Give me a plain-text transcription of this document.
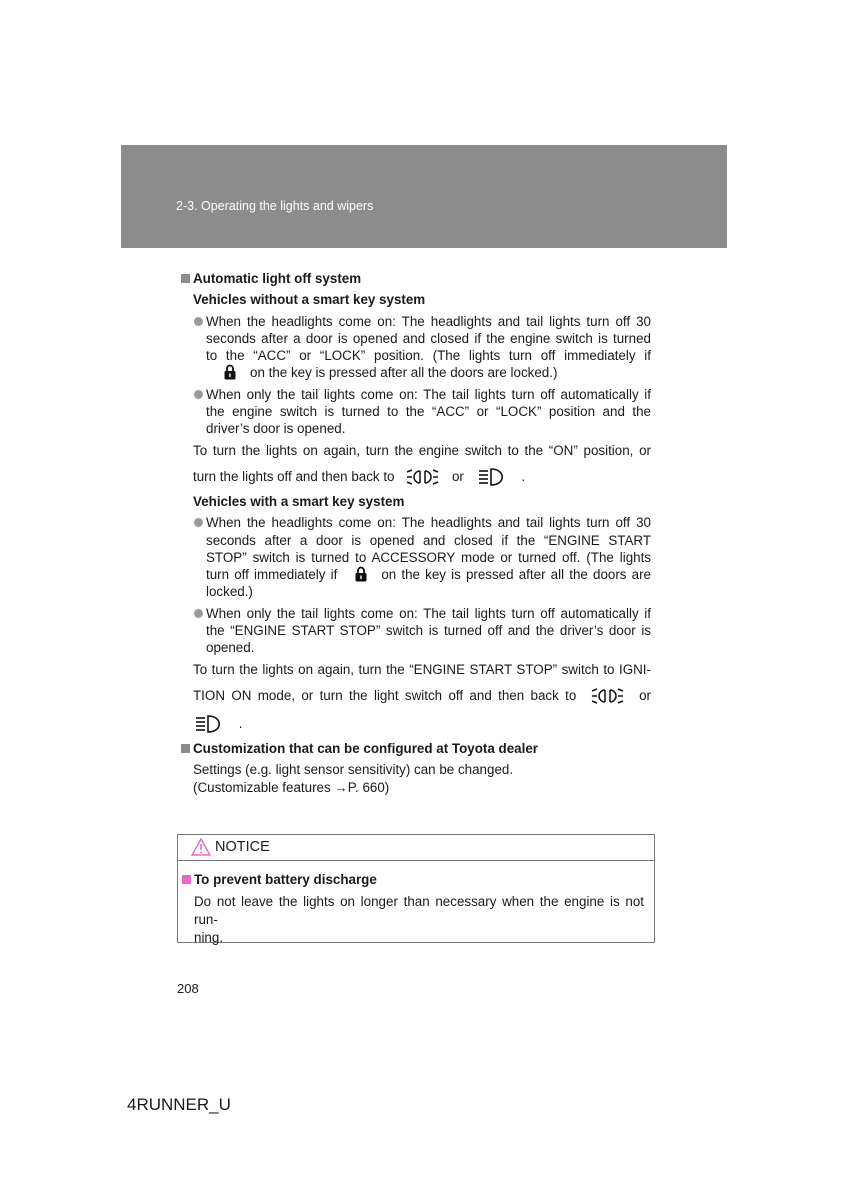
2-3. Operating the lights and wipers
Automatic light off system
Vehicles without a smart key system
When the headlights come on: The headlights and tail lights turn off 30
seconds after a door is opened and closed if the engine switch is turned
to the “ACC” or “LOCK” position. (The lights turn off immediately if
on the key is pressed after all the doors are locked.)
When only the tail lights come on: The tail lights turn off automatically if
the engine switch is turned to the “ACC” or “LOCK” position and the
driver’s door is opened.
To turn the lights on again, turn the engine switch to the “ON” position, or
turn the lights off and then back to	or	.
Vehicles with a smart key system
When the headlights come on: The headlights and tail lights turn off 30
seconds after a door is opened and closed if the “ENGINE START
STOP” switch is turned to ACCESSORY mode or turned off. (The lights
turn off immediately if	on the key is pressed after all the doors are
locked.)
When only the tail lights come on: The tail lights turn off automatically if
the “ENGINE START STOP” switch is turned off and the driver’s door is
opened.
To turn the lights on again, turn the “ENGINE START STOP” switch to IGNI-
TION ON mode, or turn the light switch off and then back to	or
.
Customization that can be configured at Toyota dealer
Settings (e.g. light sensor sensitivity) can be changed.
(Customizable features →P. 660)
NOTICE
To prevent battery discharge
Do not leave the lights on longer than necessary when the engine is not run-
ning.
208
4RUNNER_U
